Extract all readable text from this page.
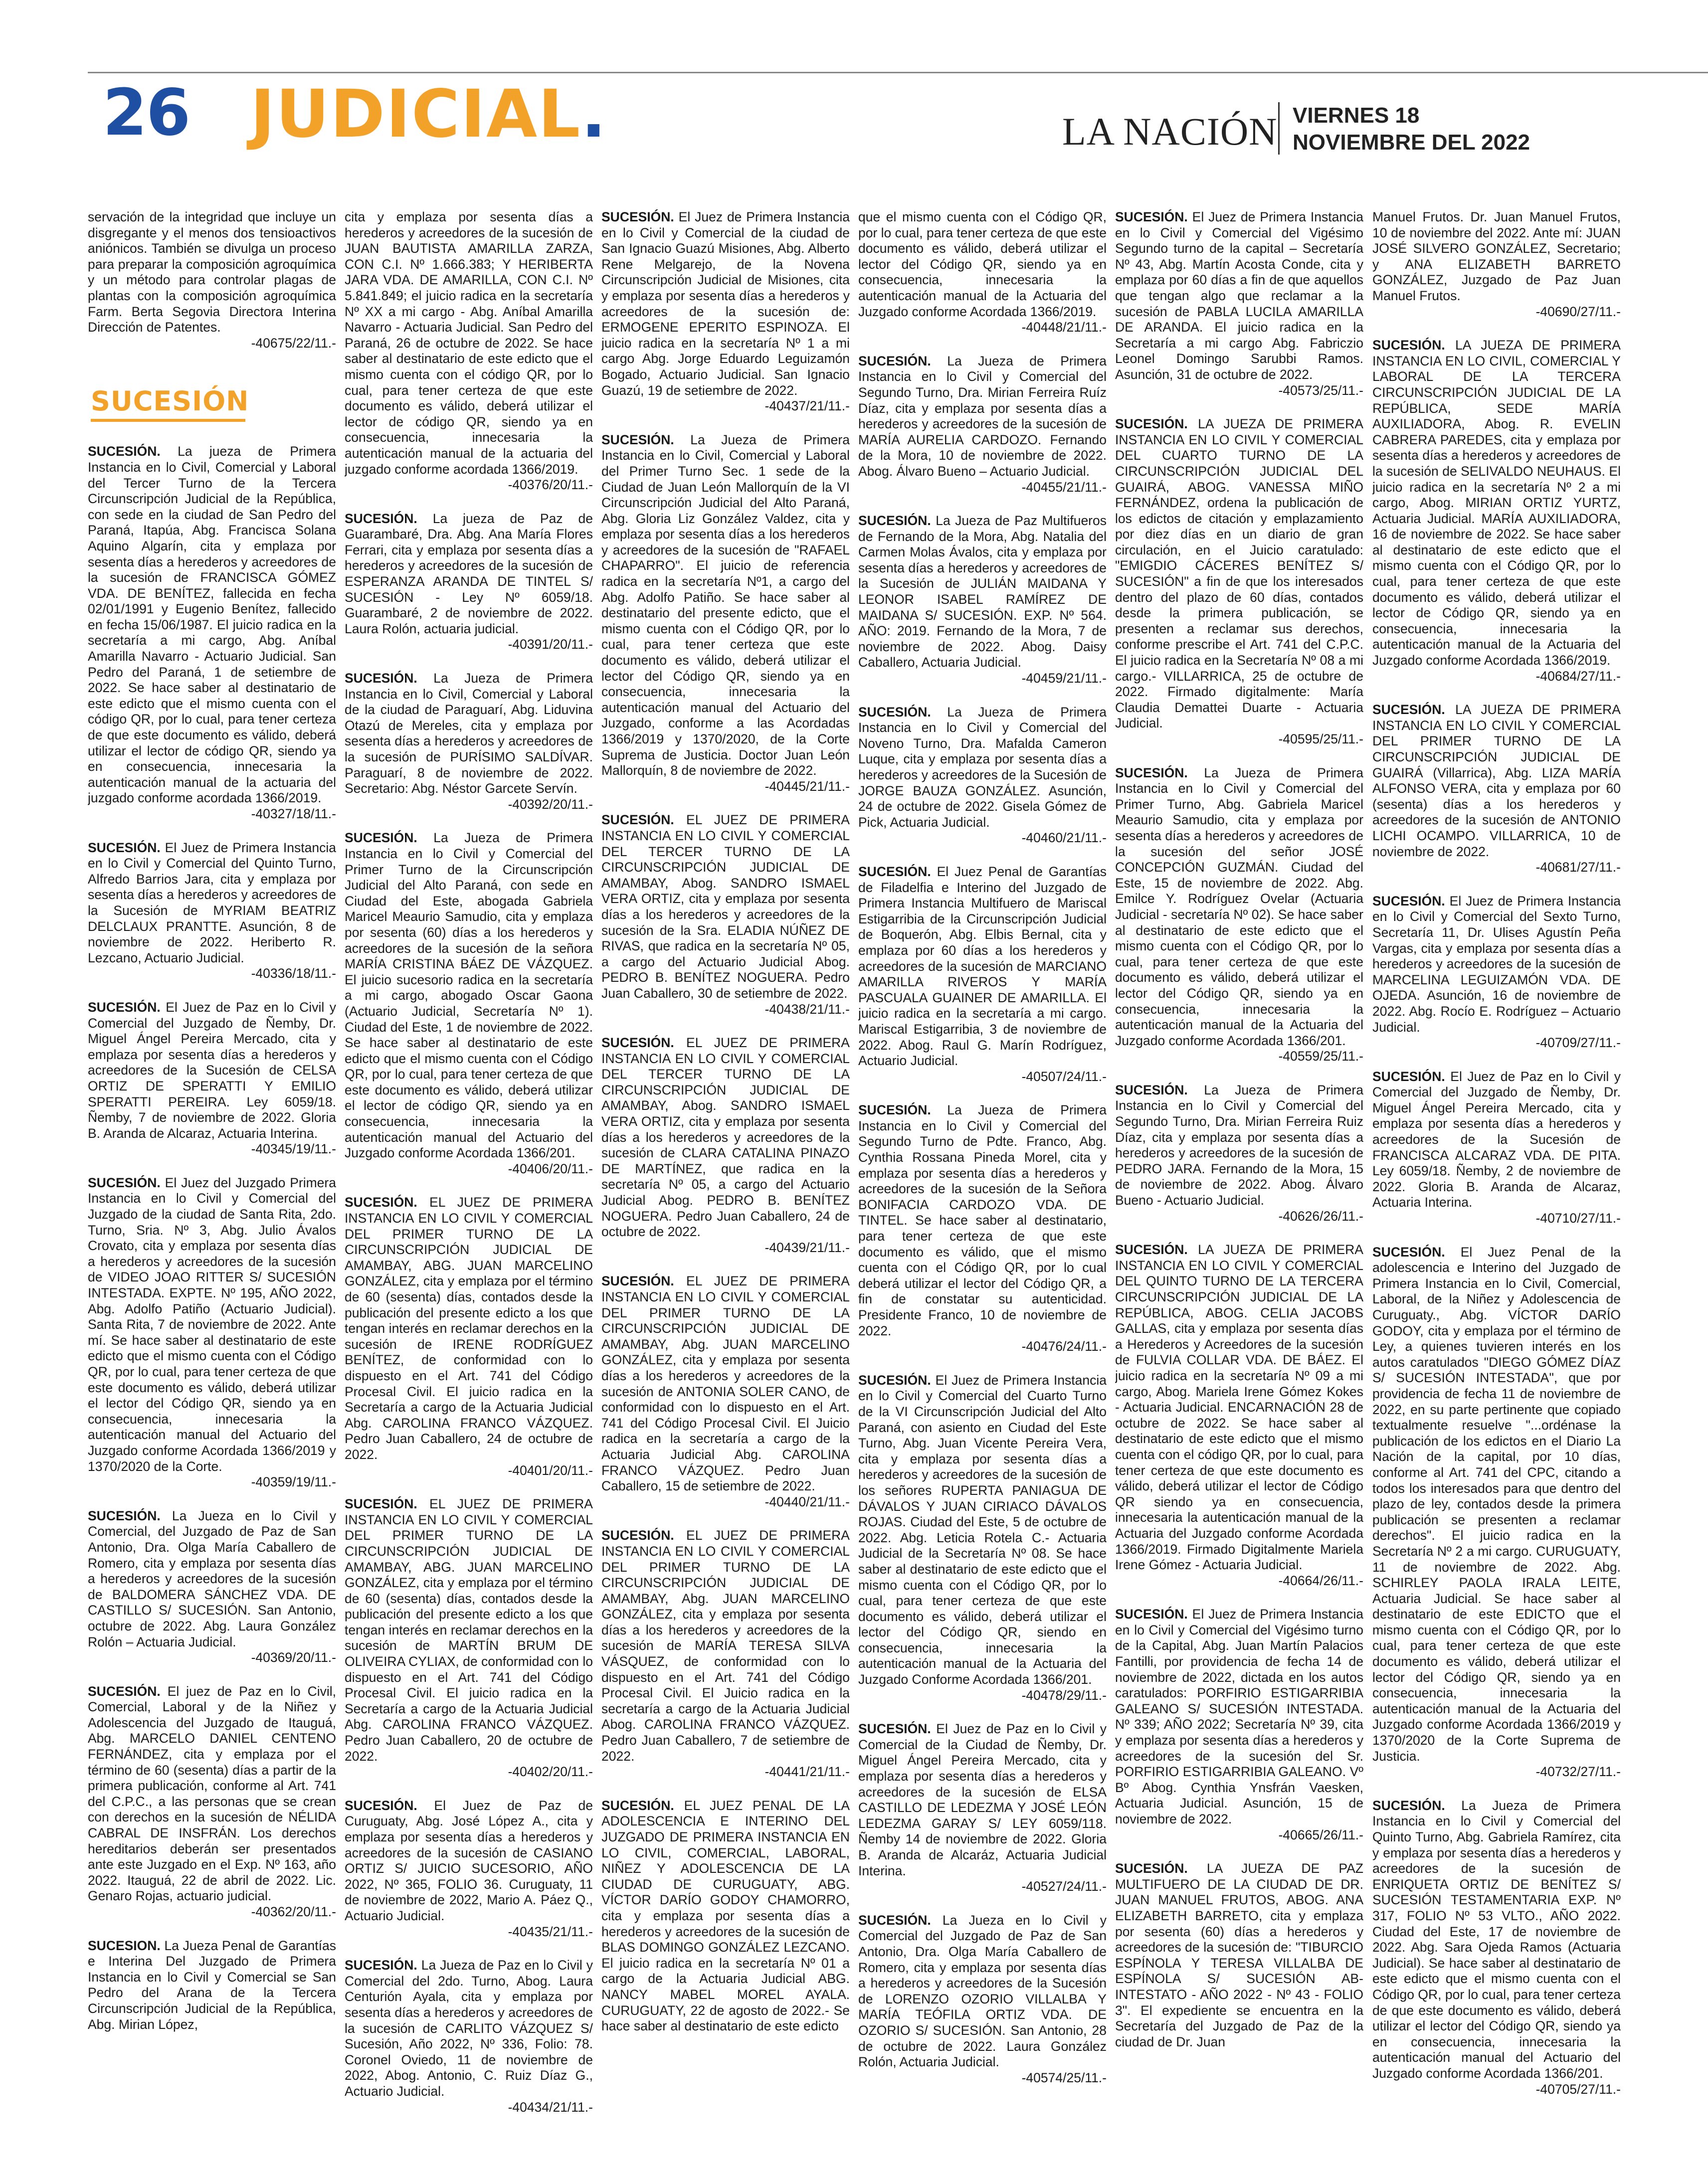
26 JUDICIAL.	LA NACIÓN VIERNES 18
NOVIEMBRE DEL 2022

servación de la integridad que incluye un disgregante y el menos dos tensioactivos aniónicos. También se divulga un proceso para preparar la composición agroquímica y un método para controlar plagas de plantas con la composición agroquímica Farm. Berta Segovia Directora Interina Dirección de Patentes.
-40675/22/11.-

SUCESIÓN

SUCESIÓN. La jueza de Primera Instancia en lo Civil, Comercial y Laboral del Tercer Turno de la Tercera Circunscripción Judicial de la República, con sede en la ciudad de San Pedro del Paraná, Itapúa, Abg. Francisca Solana Aquino Algarín, cita y emplaza por sesenta días a herederos y acreedores de la sucesión de FRANCISCA GÓMEZ VDA. DE BENÍTEZ, fallecida en fecha 02/01/1991 y Eugenio Benítez, fallecido en fecha 15/06/1987. El juicio radica en la secretaría a mi cargo, Abg. Aníbal Amarilla Navarro - Actuario Judicial. San Pedro del Paraná, 1 de setiembre de 2022. Se hace saber al destinatario de este edicto que el mismo cuenta con el código QR, por lo cual, para tener certeza de que este documento es válido, deberá utilizar el lector de código QR, siendo ya en consecuencia, innecesaria la autenticación manual de la actuaria del juzgado conforme acordada 1366/2019.
-40327/18/11.-

SUCESIÓN. El Juez de Primera Instancia en lo Civil y Comercial del Quinto Turno, Alfredo Barrios Jara, cita y emplaza por sesenta días a herederos y acreedores de la Sucesión de MYRIAM BEATRIZ DELCLAUX PRANTTE. Asunción, 8 de noviembre de 2022. Heriberto R. Lezcano, Actuario Judicial.
-40336/18/11.-

SUCESIÓN. El Juez de Paz en lo Civil y Comercial del Juzgado de Ñemby, Dr. Miguel Ángel Pereira Mercado, cita y emplaza por sesenta días a herederos y acreedores de la Sucesión de CELSA ORTIZ DE SPERATTI Y EMILIO SPERATTI PEREIRA. Ley 6059/18. Ñemby, 7 de noviembre de 2022. Gloria B. Aranda de Alcaraz, Actuaria Interina.
-40345/19/11.-

SUCESIÓN. El Juez del Juzgado Primera Instancia en lo Civil y Comercial del Juzgado de la ciudad de Santa Rita, 2do. Turno, Sria. Nº 3, Abg. Julio Ávalos Crovato, cita y emplaza por sesenta días a herederos y acreedores de la sucesión de VIDEO JOAO RITTER S/ SUCESIÓN INTESTADA. EXPTE. Nº 195, AÑO 2022, Abg. Adolfo Patiño (Actuario Judicial). Santa Rita, 7 de noviembre de 2022. Ante mí. Se hace saber al destinatario de este edicto que el mismo cuenta con el Código QR, por lo cual, para tener certeza de que este documento es válido, deberá utilizar el lector del Código QR, siendo ya en consecuencia, innecesaria la autenticación manual del Actuario del Juzgado conforme Acordada 1366/2019 y 1370/2020 de la Corte.
-40359/19/11.-

SUCESIÓN. La Jueza en lo Civil y Comercial, del Juzgado de Paz de San Antonio, Dra. Olga María Caballero de Romero, cita y emplaza por sesenta días a herederos y acreedores de la sucesión de BALDOMERA SÁNCHEZ VDA. DE CASTILLO S/ SUCESIÓN. San Antonio, octubre de 2022. Abg. Laura González Rolón – Actuaria Judicial.
-40369/20/11.-

SUCESIÓN. El juez de Paz en lo Civil, Comercial, Laboral y de la Niñez y Adolescencia del Juzgado de Itauguá, Abg. MARCELO DANIEL CENTENO FERNÁNDEZ, cita y emplaza por el término de 60 (sesenta) días a partir de la primera publicación, conforme al Art. 741 del C.P.C., a las personas que se crean con derechos en la sucesión de NÉLIDA CABRAL DE INSFRÁN. Los derechos hereditarios deberán ser presentados ante este Juzgado en el Exp. Nº 163, año 2022. Itauguá, 22 de abril de 2022. Lic. Genaro Rojas, actuario judicial.
-40362/20/11.-

SUCESION. La Jueza Penal de Garantías e Interina Del Juzgado de Primera Instancia en lo Civil y Comercial se San Pedro del Arana de la Tercera Circunscripción Judicial de la República, Abg. Mirian López,

cita y emplaza por sesenta días a herederos y acreedores de la sucesión de JUAN BAUTISTA AMARILLA ZARZA, CON C.I. Nº 1.666.383; Y HERIBERTA JARA VDA. DE AMARILLA, CON C.I. Nº 5.841.849; el juicio radica en la secretaría Nº XX a mi cargo - Abg. Aníbal Amarilla Navarro - Actuaria Judicial. San Pedro del Paraná, 26 de octubre de 2022. Se hace saber al destinatario de este edicto que el mismo cuenta con el código QR, por lo cual, para tener certeza de que este documento es válido, deberá utilizar el lector de código QR, siendo ya en consecuencia, innecesaria la autenticación manual de la actuaria del juzgado conforme acordada 1366/2019.
-40376/20/11.-

SUCESIÓN. La jueza de Paz de Guarambaré, Dra. Abg. Ana María Flores Ferrari, cita y emplaza por sesenta días a herederos y acreedores de la sucesión de ESPERANZA ARANDA DE TINTEL S/ SUCESIÓN - Ley Nº 6059/18. Guarambaré, 2 de noviembre de 2022. Laura Rolón, actuaria judicial.
-40391/20/11.-

SUCESIÓN. La Jueza de Primera Instancia en lo Civil, Comercial y Laboral de la ciudad de Paraguarí, Abg. Liduvina Otazú de Mereles, cita y emplaza por sesenta días a herederos y acreedores de la sucesión de PURÍSIMO SALDÍVAR. Paraguarí, 8 de noviembre de 2022. Secretario: Abg. Néstor Garcete Servín.
-40392/20/11.-

SUCESIÓN. La Jueza de Primera Instancia en lo Civil y Comercial del Primer Turno de la Circunscripción Judicial del Alto Paraná, con sede en Ciudad del Este, abogada Gabriela Maricel Meaurio Samudio, cita y emplaza por sesenta (60) días a los herederos y acreedores de la sucesión de la señora MARÍA CRISTINA BÁEZ DE VÁZQUEZ. El juicio sucesorio radica en la secretaría a mi cargo, abogado Oscar Gaona (Actuario Judicial, Secretaría Nº 1). Ciudad del Este, 1 de noviembre de 2022. Se hace saber al destinatario de este edicto que el mismo cuenta con el Código QR, por lo cual, para tener certeza de que este documento es válido, deberá utilizar el lector de código QR, siendo ya en consecuencia, innecesaria la autenticación manual del Actuario del Juzgado conforme Acordada 1366/201.
-40406/20/11.-

SUCESIÓN. EL JUEZ DE PRIMERA INSTANCIA EN LO CIVIL Y COMERCIAL DEL PRIMER TURNO DE LA CIRCUNSCRIPCIÓN JUDICIAL DE AMAMBAY, ABG. JUAN MARCELINO GONZÁLEZ, cita y emplaza por el término de 60 (sesenta) días, contados desde la publicación del presente edicto a los que tengan interés en reclamar derechos en la sucesión de IRENE RODRÍGUEZ BENÍTEZ, de conformidad con lo dispuesto en el Art. 741 del Código Procesal Civil. El juicio radica en la Secretaría a cargo de la Actuaria Judicial Abg. CAROLINA FRANCO VÁZQUEZ. Pedro Juan Caballero, 24 de octubre de 2022.
-40401/20/11.-

SUCESIÓN. EL JUEZ DE PRIMERA INSTANCIA EN LO CIVIL Y COMERCIAL DEL PRIMER TURNO DE LA CIRCUNSCRIPCIÓN JUDICIAL DE AMAMBAY, ABG. JUAN MARCELINO GONZÁLEZ, cita y emplaza por el término de 60 (sesenta) días, contados desde la publicación del presente edicto a los que tengan interés en reclamar derechos en la sucesión de MARTÍN BRUM DE OLIVEIRA CYLIAX, de conformidad con lo dispuesto en el Art. 741 del Código Procesal Civil. El juicio radica en la Secretaría a cargo de la Actuaria Judicial Abg. CAROLINA FRANCO VÁZQUEZ. Pedro Juan Caballero, 20 de octubre de 2022.
-40402/20/11.-

SUCESIÓN. El Juez de Paz de Curuguaty, Abg. José López A., cita y emplaza por sesenta días a herederos y acreedores de la sucesión de CASIANO ORTIZ S/ JUICIO SUCESORIO, AÑO 2022, Nº 365, FOLIO 36. Curuguaty, 11 de noviembre de 2022, Mario A. Páez Q., Actuario Judicial.
-40435/21/11.-

SUCESIÓN. La Jueza de Paz en lo Civil y Comercial del 2do. Turno, Abog. Laura Centurión Ayala, cita y emplaza por sesenta días a herederos y acreedores de la sucesión de CARLITO VÁZQUEZ S/ Sucesión, Año 2022, Nº 336, Folio: 78. Coronel Oviedo, 11 de noviembre de 2022, Abog. Antonio, C. Ruiz Díaz G., Actuario Judicial.
-40434/21/11.-

SUCESIÓN. El Juez de Primera Instancia en lo Civil y Comercial de la ciudad de San Ignacio Guazú Misiones, Abg. Alberto Rene Melgarejo, de la Novena Circunscripción Judicial de Misiones, cita y emplaza por sesenta días a herederos y acreedores de la sucesión de: ERMOGENE EPERITO ESPINOZA. El juicio radica en la secretaría Nº 1 a mi cargo Abg. Jorge Eduardo Leguizamón Bogado, Actuario Judicial. San Ignacio Guazú, 19 de setiembre de 2022.
-40437/21/11.-

SUCESIÓN. La Jueza de Primera Instancia en lo Civil, Comercial y Laboral del Primer Turno Sec. 1 sede de la Ciudad de Juan León Mallorquín de la VI Circunscripción Judicial del Alto Paraná, Abg. Gloria Liz González Valdez, cita y emplaza por sesenta días a los herederos y acreedores de la sucesión de "RAFAEL CHAPARRO". El juicio de referencia radica en la secretaría Nº1, a cargo del Abg. Adolfo Patiño. Se hace saber al destinatario del presente edicto, que el mismo cuenta con el Código QR, por lo cual, para tener certeza que este documento es válido, deberá utilizar el lector del Código QR, siendo ya en consecuencia, innecesaria la autenticación manual del Actuario del Juzgado, conforme a las Acordadas 1366/2019 y 1370/2020, de la Corte Suprema de Justicia. Doctor Juan León Mallorquín, 8 de noviembre de 2022.
-40445/21/11.-

SUCESIÓN. EL JUEZ DE PRIMERA INSTANCIA EN LO CIVIL Y COMERCIAL DEL TERCER TURNO DE LA CIRCUNSCRIPCIÓN JUDICIAL DE AMAMBAY, Abog. SANDRO ISMAEL VERA ORTIZ, cita y emplaza por sesenta días a los herederos y acreedores de la sucesión de la Sra. ELADIA NÚÑEZ DE RIVAS, que radica en la secretaría Nº 05, a cargo del Actuario Judicial Abog. PEDRO B. BENÍTEZ NOGUERA. Pedro Juan Caballero, 30 de setiembre de 2022.
-40438/21/11.-

SUCESIÓN. EL JUEZ DE PRIMERA INSTANCIA EN LO CIVIL Y COMERCIAL DEL TERCER TURNO DE LA CIRCUNSCRIPCIÓN JUDICIAL DE AMAMBAY, Abog. SANDRO ISMAEL VERA ORTIZ, cita y emplaza por sesenta días a los herederos y acreedores de la sucesión de CLARA CATALINA PINAZO DE MARTÍNEZ, que radica en la secretaría Nº 05, a cargo del Actuario Judicial Abog. PEDRO B. BENÍTEZ NOGUERA. Pedro Juan Caballero, 24 de octubre de 2022.
-40439/21/11.-

SUCESIÓN. EL JUEZ DE PRIMERA INSTANCIA EN LO CIVIL Y COMERCIAL DEL PRIMER TURNO DE LA CIRCUNSCRIPCIÓN JUDICIAL DE AMAMBAY, Abg. JUAN MARCELINO GONZÁLEZ, cita y emplaza por sesenta días a los herederos y acreedores de la sucesión de ANTONIA SOLER CANO, de conformidad con lo dispuesto en el Art. 741 del Código Procesal Civil. El Juicio radica en la secretaría a cargo de la Actuaria Judicial Abg. CAROLINA FRANCO VÁZQUEZ. Pedro Juan Caballero, 15 de setiembre de 2022.
-40440/21/11.-

SUCESIÓN. EL JUEZ DE PRIMERA INSTANCIA EN LO CIVIL Y COMERCIAL DEL PRIMER TURNO DE LA CIRCUNSCRIPCIÓN JUDICIAL DE AMAMBAY, Abg. JUAN MARCELINO GONZÁLEZ, cita y emplaza por sesenta días a los herederos y acreedores de la sucesión de MARÍA TERESA SILVA VÁSQUEZ, de conformidad con lo dispuesto en el Art. 741 del Código Procesal Civil. El Juicio radica en la secretaría a cargo de la Actuaria Judicial Abog. CAROLINA FRANCO VÁZQUEZ. Pedro Juan Caballero, 7 de setiembre de 2022.
-40441/21/11.-

SUCESIÓN. EL JUEZ PENAL DE LA ADOLESCENCIA E INTERINO DEL JUZGADO DE PRIMERA INSTANCIA EN LO CIVIL, COMERCIAL, LABORAL, NIÑEZ Y ADOLESCENCIA DE LA CIUDAD DE CURUGUATY, ABG. VÍCTOR DARÍO GODOY CHAMORRO, cita y emplaza por sesenta días a herederos y acreedores de la sucesión de BLAS DOMINGO GONZÁLEZ LEZCANO. El juicio radica en la secretaría Nº 01 a cargo de la Actuaria Judicial ABG. NANCY MABEL MOREL AYALA. CURUGUATY, 22 de agosto de 2022.- Se hace saber al destinatario de este edicto

que el mismo cuenta con el Código QR, por lo cual, para tener certeza de que este documento es válido, deberá utilizar el lector del Código QR, siendo ya en consecuencia, innecesaria la autenticación manual de la Actuaria del Juzgado conforme Acordada 1366/2019.
-40448/21/11.-

SUCESIÓN. La Jueza de Primera Instancia en lo Civil y Comercial del Segundo Turno, Dra. Mirian Ferreira Ruíz Díaz, cita y emplaza por sesenta días a herederos y acreedores de la sucesión de MARÍA AURELIA CARDOZO. Fernando de la Mora, 10 de noviembre de 2022. Abog. Álvaro Bueno – Actuario Judicial.
-40455/21/11.-

SUCESIÓN. La Jueza de Paz Multifueros de Fernando de la Mora, Abg. Natalia del Carmen Molas Ávalos, cita y emplaza por sesenta días a herederos y acreedores de la Sucesión de JULIÁN MAIDANA Y LEONOR ISABEL RAMÍREZ DE MAIDANA S/ SUCESIÓN. EXP. Nº 564. AÑO: 2019. Fernando de la Mora, 7 de noviembre de 2022. Abog. Daisy Caballero, Actuaria Judicial.
-40459/21/11.-

SUCESIÓN. La Jueza de Primera Instancia en lo Civil y Comercial del Noveno Turno, Dra. Mafalda Cameron Luque, cita y emplaza por sesenta días a herederos y acreedores de la Sucesión de JORGE BAUZA GONZÁLEZ. Asunción, 24 de octubre de 2022. Gisela Gómez de Pick, Actuaria Judicial.
-40460/21/11.-

SUCESIÓN. El Juez Penal de Garantías de Filadelfia e Interino del Juzgado de Primera Instancia Multifuero de Mariscal Estigarribia de la Circunscripción Judicial de Boquerón, Abg. Elbis Bernal, cita y emplaza por 60 días a los herederos y acreedores de la sucesión de MARCIANO AMARILLA RIVEROS Y MARÍA PASCUALA GUAINER DE AMARILLA. El juicio radica en la secretaría a mi cargo. Mariscal Estigarribia, 3 de noviembre de 2022. Abog. Raul G. Marín Rodríguez, Actuario Judicial.
-40507/24/11.-

SUCESIÓN. La Jueza de Primera Instancia en lo Civil y Comercial del Segundo Turno de Pdte. Franco, Abg. Cynthia Rossana Pineda Morel, cita y emplaza por sesenta días a herederos y acreedores de la sucesión de la Señora BONIFACIA CARDOZO VDA. DE TINTEL. Se hace saber al destinatario, para tener certeza de que este documento es válido, que el mismo cuenta con el Código QR, por lo cual deberá utilizar el lector del Código QR, a fin de constatar su autenticidad. Presidente Franco, 10 de noviembre de 2022.
-40476/24/11.-

SUCESIÓN. El Juez de Primera Instancia en lo Civil y Comercial del Cuarto Turno de la VI Circunscripción Judicial del Alto Paraná, con asiento en Ciudad del Este Turno, Abg. Juan Vicente Pereira Vera, cita y emplaza por sesenta días a herederos y acreedores de la sucesión de los señores RUPERTA PANIAGUA DE DÁVALOS Y JUAN CIRIACO DÁVALOS ROJAS. Ciudad del Este, 5 de octubre de 2022. Abg. Leticia Rotela C.- Actuaria Judicial de la Secretaría Nº 08. Se hace saber al destinatario de este edicto que el mismo cuenta con el Código QR, por lo cual, para tener certeza de que este documento es válido, deberá utilizar el lector del Código QR, siendo en consecuencia, innecesaria la autenticación manual de la Actuaria del Juzgado Conforme Acordada 1366/201.
-40478/29/11.-

SUCESIÓN. El Juez de Paz en lo Civil y Comercial de la Ciudad de Ñemby, Dr. Miguel Ángel Pereira Mercado, cita y emplaza por sesenta días a herederos y acreedores de la sucesión de ELSA CASTILLO DE LEDEZMA Y JOSÉ LEÓN LEDEZMA GARAY S/ LEY 6059/118. Ñemby 14 de noviembre de 2022. Gloria B. Aranda de Alcaráz, Actuaria Judicial Interina.
-40527/24/11.-

SUCESIÓN. La Jueza en lo Civil y Comercial del Juzgado de Paz de San Antonio, Dra. Olga María Caballero de Romero, cita y emplaza por sesenta días a herederos y acreedores de la Sucesión de LORENZO OZORIO VILLALBA Y MARÍA TEÓFILA ORTIZ VDA. DE OZORIO S/ SUCESIÓN. San Antonio, 28 de octubre de 2022. Laura González Rolón, Actuaria Judicial.
-40574/25/11.-

SUCESIÓN. El Juez de Primera Instancia en lo Civil y Comercial del Vigésimo Segundo turno de la capital – Secretaría Nº 43, Abg. Martín Acosta Conde, cita y emplaza por 60 días a fin de que aquellos que tengan algo que reclamar a la sucesión de PABLA LUCILA AMARILLA DE ARANDA. El juicio radica en la Secretaría a mi cargo Abg. Fabriczio Leonel Domingo Sarubbi Ramos. Asunción, 31 de octubre de 2022.
-40573/25/11.-

SUCESIÓN. LA JUEZA DE PRIMERA INSTANCIA EN LO CIVIL Y COMERCIAL DEL CUARTO TURNO DE LA CIRCUNSCRIPCIÓN JUDICIAL DEL GUAIRÁ, ABOG. VANESSA MIÑO FERNÁNDEZ, ordena la publicación de los edictos de citación y emplazamiento por diez días en un diario de gran circulación, en el Juicio caratulado: "EMIGDIO CÁCERES BENÍTEZ S/ SUCESIÓN" a fin de que los interesados dentro del plazo de 60 días, contados desde la primera publicación, se presenten a reclamar sus derechos, conforme prescribe el Art. 741 del C.P.C. El juicio radica en la Secretaría Nº 08 a mi cargo.- VILLARRICA, 25 de octubre de 2022. Firmado digitalmente: María Claudia Demattei Duarte - Actuaria Judicial.
-40595/25/11.-

SUCESIÓN. La Jueza de Primera Instancia en lo Civil y Comercial del Primer Turno, Abg. Gabriela Maricel Meaurio Samudio, cita y emplaza por sesenta días a herederos y acreedores de la sucesión del señor JOSÉ CONCEPCIÓN GUZMÁN. Ciudad del Este, 15 de noviembre de 2022. Abg. Emilce Y. Rodríguez Ovelar (Actuaria Judicial - secretaría Nº 02). Se hace saber al destinatario de este edicto que el mismo cuenta con el Código QR, por lo cual, para tener certeza de que este documento es válido, deberá utilizar el lector del Código QR, siendo ya en consecuencia, innecesaria la autenticación manual de la Actuaria del Juzgado conforme Acordada 1366/201.
-40559/25/11.-

SUCESIÓN. La Jueza de Primera Instancia en lo Civil y Comercial del Segundo Turno, Dra. Mirian Ferreira Ruiz Díaz, cita y emplaza por sesenta días a herederos y acreedores de la sucesión de PEDRO JARA. Fernando de la Mora, 15 de noviembre de 2022. Abog. Álvaro Bueno - Actuario Judicial.
-40626/26/11.-

SUCESIÓN. LA JUEZA DE PRIMERA INSTANCIA EN LO CIVIL Y COMERCIAL DEL QUINTO TURNO DE LA TERCERA CIRCUNSCRIPCIÓN JUDICIAL DE LA REPÚBLICA, ABOG. CELIA JACOBS GALLAS, cita y emplaza por sesenta días a Herederos y Acreedores de la sucesión de FULVIA COLLAR VDA. DE BÁEZ. El juicio radica en la secretaría Nº 09 a mi cargo, Abog. Mariela Irene Gómez Kokes - Actuaria Judicial. ENCARNACIÓN 28 de octubre de 2022. Se hace saber al destinatario de este edicto que el mismo cuenta con el código QR, por lo cual, para tener certeza de que este documento es válido, deberá utilizar el lector de Código QR siendo ya en consecuencia, innecesaria la autenticación manual de la Actuaria del Juzgado conforme Acordada 1366/2019. Firmado Digitalmente Mariela Irene Gómez - Actuaria Judicial.
-40664/26/11.-

SUCESIÓN. El Juez de Primera Instancia en lo Civil y Comercial del Vigésimo turno de la Capital, Abg. Juan Martín Palacios Fantilli, por providencia de fecha 14 de noviembre de 2022, dictada en los autos caratulados: PORFIRIO ESTIGARRIBIA GALEANO S/ SUCESIÓN INTESTADA. Nº 339; AÑO 2022; Secretaría Nº 39, cita y emplaza por sesenta días a herederos y acreedores de la sucesión del Sr. PORFIRIO ESTIGARRIBIA GALEANO. Vº Bº Abog. Cynthia Ynsfrán Vaesken, Actuaria Judicial. Asunción, 15 de noviembre de 2022.
-40665/26/11.-

SUCESIÓN. LA JUEZA DE PAZ MULTIFUERO DE LA CIUDAD DE DR. JUAN MANUEL FRUTOS, ABOG. ANA ELIZABETH BARRETO, cita y emplaza por sesenta (60) días a herederos y acreedores de la sucesión de: "TIBURCIO ESPÍNOLA Y TERESA VILLALBA DE ESPÍNOLA S/ SUCESIÓN AB-INTESTATO - AÑO 2022 - Nº 43 - FOLIO 3". El expediente se encuentra en la Secretaría del Juzgado de Paz de la ciudad de Dr. Juan

Manuel Frutos. Dr. Juan Manuel Frutos, 10 de noviembre del 2022. Ante mí: JUAN JOSÉ SILVERO GONZÁLEZ, Secretario; y ANA ELIZABETH BARRETO GONZÁLEZ, Juzgado de Paz Juan Manuel Frutos.
-40690/27/11.-

SUCESIÓN. LA JUEZA DE PRIMERA INSTANCIA EN LO CIVIL, COMERCIAL Y LABORAL DE LA TERCERA CIRCUNSCRIPCIÓN JUDICIAL DE LA REPÚBLICA, SEDE MARÍA AUXILIADORA, Abog. R. EVELIN CABRERA PAREDES, cita y emplaza por sesenta días a herederos y acreedores de la sucesión de SELIVALDO NEUHAUS. El juicio radica en la secretaría Nº 2 a mi cargo, Abog. MIRIAN ORTIZ YURTZ, Actuaria Judicial. MARÍA AUXILIADORA, 16 de noviembre de 2022. Se hace saber al destinatario de este edicto que el mismo cuenta con el Código QR, por lo cual, para tener certeza de que este documento es válido, deberá utilizar el lector de Código QR, siendo ya en consecuencia, innecesaria la autenticación manual de la Actuaria del Juzgado conforme Acordada 1366/2019.
-40684/27/11.-

SUCESIÓN. LA JUEZA DE PRIMERA INSTANCIA EN LO CIVIL Y COMERCIAL DEL PRIMER TURNO DE LA CIRCUNSCRIPCIÓN JUDICIAL DE GUAIRÁ (Villarrica), Abg. LIZA MARÍA ALFONSO VERA, cita y emplaza por 60 (sesenta) días a los herederos y acreedores de la sucesión de ANTONIO LICHI OCAMPO. VILLARRICA, 10 de noviembre de 2022.
-40681/27/11.-

SUCESIÓN. El Juez de Primera Instancia en lo Civil y Comercial del Sexto Turno, Secretaría 11, Dr. Ulises Agustín Peña Vargas, cita y emplaza por sesenta días a herederos y acreedores de la sucesión de MARCELINA LEGUIZAMÓN VDA. DE OJEDA. Asunción, 16 de noviembre de 2022. Abg. Rocío E. Rodríguez – Actuario Judicial.
-40709/27/11.-

SUCESIÓN. El Juez de Paz en lo Civil y Comercial del Juzgado de Ñemby, Dr. Miguel Ángel Pereira Mercado, cita y emplaza por sesenta días a herederos y acreedores de la Sucesión de FRANCISCA ALCARAZ VDA. DE PITA. Ley 6059/18. Ñemby, 2 de noviembre de 2022. Gloria B. Aranda de Alcaraz, Actuaria Interina.
-40710/27/11.-

SUCESIÓN. El Juez Penal de la adolescencia e Interino del Juzgado de Primera Instancia en lo Civil, Comercial, Laboral, de la Niñez y Adolescencia de Curuguaty., Abg. VÍCTOR DARÍO GODOY, cita y emplaza por el término de Ley, a quienes tuvieren interés en los autos caratulados "DIEGO GÓMEZ DÍAZ S/ SUCESIÓN INTESTADA", que por providencia de fecha 11 de noviembre de 2022, en su parte pertinente que copiado textualmente resuelve "...ordénase la publicación de los edictos en el Diario La Nación de la capital, por 10 días, conforme al Art. 741 del CPC, citando a todos los interesados para que dentro del plazo de ley, contados desde la primera publicación se presenten a reclamar derechos". El juicio radica en la Secretaría Nº 2 a mi cargo. CURUGUATY, 11 de noviembre de 2022. Abg. SCHIRLEY PAOLA IRALA LEITE, Actuaria Judicial. Se hace saber al destinatario de este EDICTO que el mismo cuenta con el Código QR, por lo cual, para tener certeza de que este documento es válido, deberá utilizar el lector del Código QR, siendo ya en consecuencia, innecesaria la autenticación manual de la Actuaria del Juzgado conforme Acordada 1366/2019 y 1370/2020 de la Corte Suprema de Justicia.
-40732/27/11.-

SUCESIÓN. La Jueza de Primera Instancia en lo Civil y Comercial del Quinto Turno, Abg. Gabriela Ramírez, cita y emplaza por sesenta días a herederos y acreedores de la sucesión de ENRIQUETA ORTIZ DE BENÍTEZ S/ SUCESIÓN TESTAMENTARIA EXP. Nº 317, FOLIO Nº 53 VLTO., AÑO 2022. Ciudad del Este, 17 de noviembre de 2022. Abg. Sara Ojeda Ramos (Actuaria Judicial). Se hace saber al destinatario de este edicto que el mismo cuenta con el Código QR, por lo cual, para tener certeza de que este documento es válido, deberá utilizar el lector del Código QR, siendo ya en consecuencia, innecesaria la autenticación manual del Actuario del Juzgado conforme Acordada 1366/201.
-40705/27/11.-
